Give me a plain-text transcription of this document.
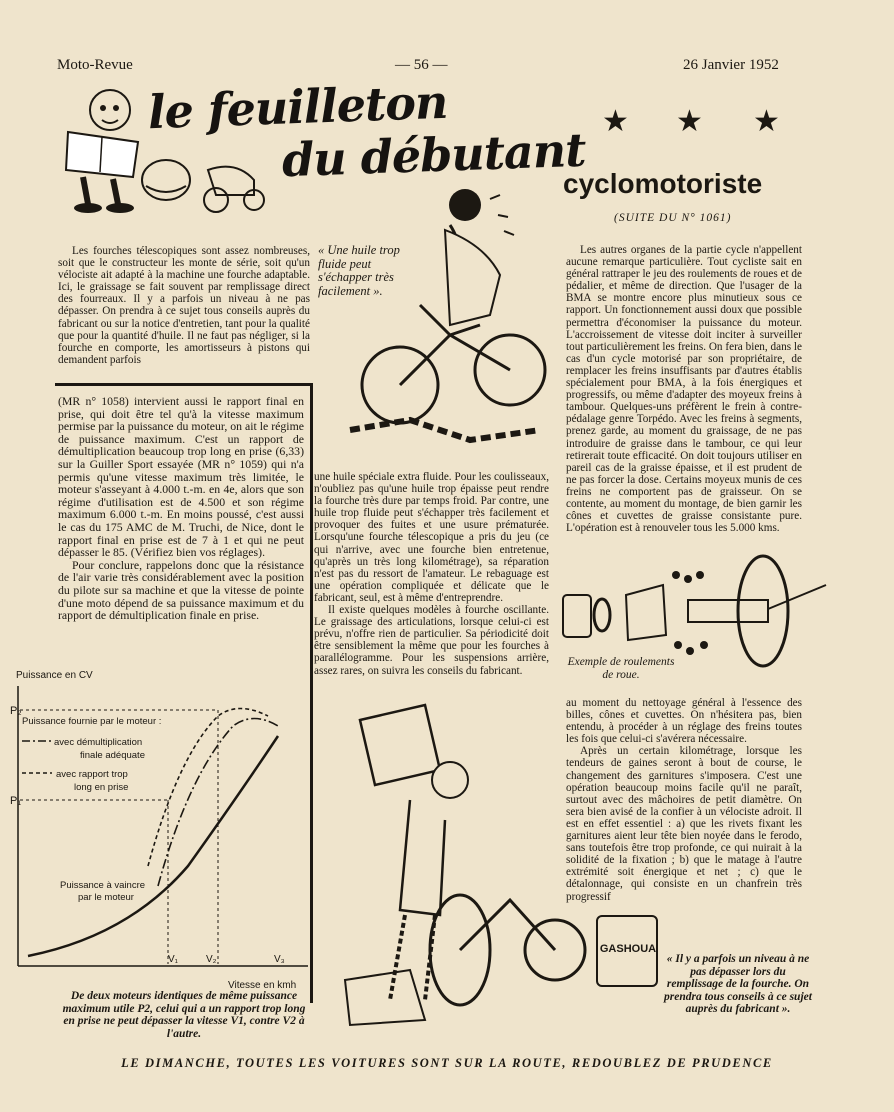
Moto-Revue	— 56 —	26 Janvier 1952
le feuilleton
du débutant
★ ★ ★
cyclomotoriste
(SUITE DU N° 1061)

Les fourches télescopiques sont assez nombreuses, soit que le constructeur les monte de série, soit qu'un vélociste ait adapté à la machine une fourche adaptable. Ici, le graissage se fait souvent par remplissage direct des fourreaux. Il y a parfois un niveau à ne pas dépasser. On prendra à ce sujet tous conseils auprès du fabricant ou sur la notice d'entretien, tant pour la qualité que pour la quantité d'huile. Il ne faut pas négliger, si la fourche en comporte, les amortisseurs à pistons qui demandent parfois

« Une huile trop fluide peut s'échapper très facilement ».

Les autres organes de la partie cycle n'appellent aucune remarque particulière. Tout cycliste sait en général rattraper le jeu des roulements de roues et de pédalier, et même de direction. Que l'usager de la BMA se montre encore plus minutieux sous ce rapport. Un fonctionnement aussi doux que possible permettra d'économiser la puissance du moteur. L'accroissement de vitesse doit inciter à surveiller tout particulièrement les freins. On fera bien, dans le cas d'un cycle motorisé par son propriétaire, de remplacer les freins insuffisants par d'autres établis spécialement pour BMA, à la fois énergiques et progressifs, ou même d'adapter des moyeux freins à tambour. Quelques-uns préfèrent le frein à contre-pédalage genre Torpédo. Avec les freins à segments, prenez garde, au moment du graissage, de ne pas introduire de graisse dans le tambour, ce qui leur retirerait toute efficacité. On doit toujours utiliser en pareil cas de la graisse épaisse, et il est prudent de ne pas forcer la dose. Certains moyeux munis de ces freins ne comportent pas de graisseur. On se contente, au moment du montage, de bien garnir les cônes et cuvettes de graisse consistante pure. L'opération est à renouveler tous les 5.000 kms.

(MR n° 1058) intervient aussi le rapport final en prise, qui doit être tel qu'à la vitesse maximum permise par la puissance du moteur, on ait le régime de puissance maximum. C'est un rapport de démultiplication beaucoup trop long en prise (6,33) sur la Guiller Sport essayée (MR n° 1059) qui n'a permis qu'une vitesse maximum très limitée, le moteur s'asseyant à 4.000 t.-m. en 4e, alors que son régime d'utilisation est de 4.500 et son régime maximum 6.000 t.-m. En moins poussé, c'est aussi le cas du 175 AMC de M. Truchi, de Nice, dont le rapport final en prise est de 7 à 1 et qui ne peut dépasser le 85. (Vérifiez bien vos réglages).

Pour conclure, rappelons donc que la résistance de l'air varie très considérablement avec la position du pilote sur sa machine et que la vitesse de pointe d'une moto dépend de sa puissance maximum et du rapport de démultiplication finale en prise.

Puissance en CV
Vitesse en kmh
P₂
P₁
Puissance fournie par le moteur :
avec démultiplication
finale adéquate
avec rapport trop
long en prise
Puissance à vaincre
par le moteur
V₁	V₂	V₃
De deux moteurs identiques de même puissance maximum utile P2, celui qui a un rapport trop long en prise ne peut dépasser la vitesse V1, contre V2 à l'autre.

une huile spéciale extra fluide. Pour les coulisseaux, n'oubliez pas qu'une huile trop épaisse peut rendre la fourche très dure par temps froid. Par contre, une huile trop fluide peut s'échapper très facilement et provoquer des fuites et une usure prématurée. Lorsqu'une fourche télescopique a pris du jeu (ce qui n'arrive, avec une fourche bien entretenue, qu'après un très long kilométrage), sa réparation n'est pas du ressort de l'amateur. Le rebaguage est une opération compliquée et délicate que le fabricant, seul, est à même d'entreprendre.

Il existe quelques modèles à fourche oscillante. Le graissage des articulations, lorsque celui-ci est prévu, n'offre rien de particulier. Sa périodicité doit être sensiblement la même que pour les fourches à parallélogramme. Pour les suspensions arrière, assez rares, on suivra les conseils du fabricant.

Exemple de roulements de roue.

au moment du nettoyage général à l'essence des billes, cônes et cuvettes. On n'hésitera pas, bien entendu, à procéder à un réglage des freins toutes les fois que celui-ci s'avérera nécessaire.

Après un certain kilométrage, lorsque les tendeurs de gaines seront à bout de course, le changement des garnitures s'imposera. C'est une opération beaucoup moins facile qu'il ne paraît, surtout avec des mâchoires de petit diamètre. On sera bien avisé de la confier à un vélociste adroit. Il est en effet essentiel : a) que les rivets fixant les garnitures aient leur tête bien noyée dans le ferodo, sans toutefois être trop profonde, ce qui nuirait à la solidité de la fixation ; b) que le matage à l'autre extrémité soit énergique et net ; c) que le détalonnage, qui consiste en un chanfrein très progressif

GASHOUA
« Il y a parfois un niveau à ne pas dépasser lors du remplissage de la fourche. On prendra tous conseils à ce sujet auprès du fabricant ».
LE DIMANCHE, TOUTES LES VOITURES SONT SUR LA ROUTE, REDOUBLEZ DE PRUDENCE
